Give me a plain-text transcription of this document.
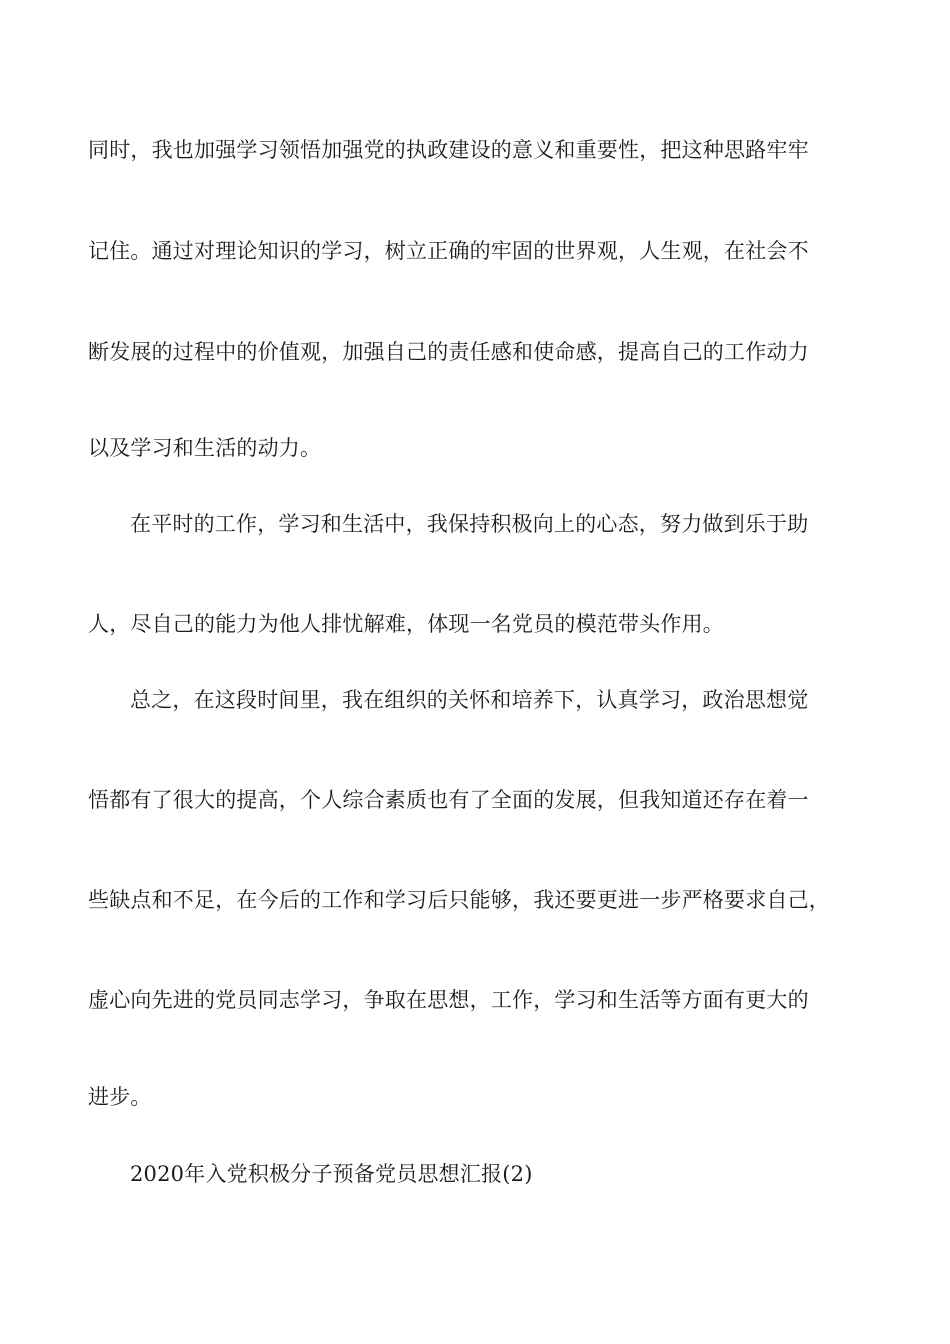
同时，我也加强学习领悟加强党的执政建设的意义和重要性，把这种思路牢牢
记住。通过对理论知识的学习，树立正确的牢固的世界观，人生观，在社会不
断发展的过程中的价值观，加强自己的责任感和使命感，提高自己的工作动力
以及学习和生活的动力。
在平时的工作，学习和生活中，我保持积极向上的心态，努力做到乐于助
人，尽自己的能力为他人排忧解难，体现一名党员的模范带头作用。
总之，在这段时间里，我在组织的关怀和培养下，认真学习，政治思想觉
悟都有了很大的提高，个人综合素质也有了全面的发展，但我知道还存在着一
些缺点和不足，在今后的工作和学习后只能够，我还要更进一步严格要求自己，
虚心向先进的党员同志学习，争取在思想，工作，学习和生活等方面有更大的
进步。
2020年入党积极分子预备党员思想汇报(2)
